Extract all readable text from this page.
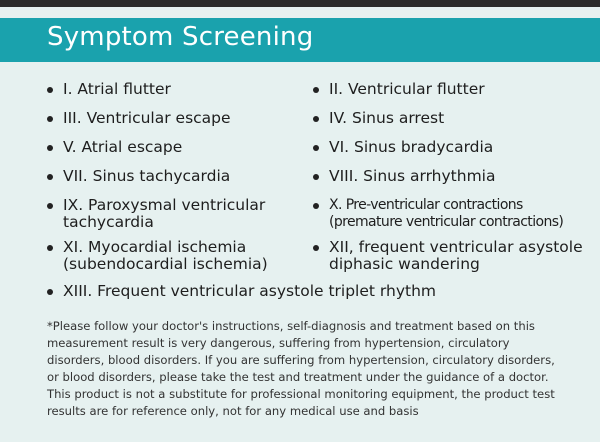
Symptom Screening
I. Atrial flutter
III. Ventricular escape
V. Atrial escape
VII. Sinus tachycardia
IX. Paroxysmal ventricular
tachycardia
XI. Myocardial ischemia
(subendocardial ischemia)
II. Ventricular flutter
IV. Sinus arrest
VI. Sinus bradycardia
VIII. Sinus arrhythmia
X. Pre-ventricular contractions
(premature ventricular contractions)
XII, frequent ventricular asystole
diphasic wandering
XIII. Frequent ventricular asystole triplet rhythm

*Please follow your doctor's instructions, self-diagnosis and treatment based on this measurement result is very dangerous, suffering from hypertension, circulatory disorders, blood disorders. If you are suffering from hypertension, circulatory disorders, or blood disorders, please take the test and treatment under the guidance of a doctor.

This product is not a substitute for professional monitoring equipment, the product test results are for reference only, not for any medical use and basis
